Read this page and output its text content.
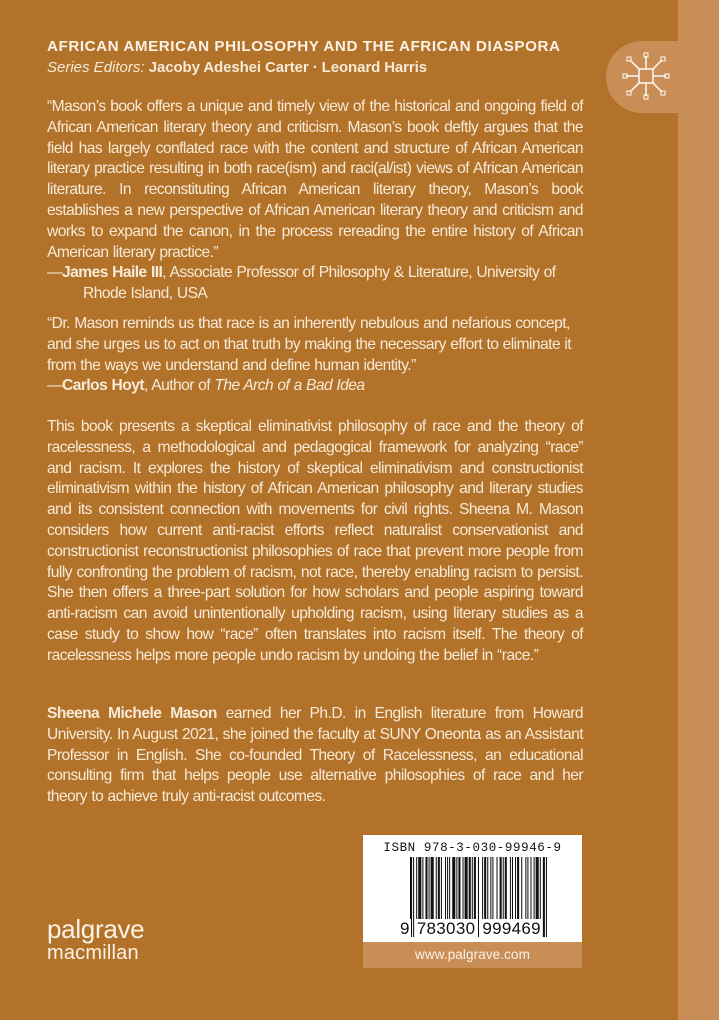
AFRICAN AMERICAN PHILOSOPHY AND THE AFRICAN DIASPORA
Series Editors: Jacoby Adeshei Carter · Leonard Harris

“Mason’s book offers a unique and timely view of the historical and ongoing field of African American literary theory and criticism. Mason’s book deftly argues that the field has largely conflated race with the content and structure of African American literary practice resulting in both race(ism) and raci(al/ist) views of African American literature. In reconstituting African American literary theory, Mason’s book establishes a new perspective of African American literary theory and criticism and works to expand the canon, in the process rereading the entire history of African American literary practice.”

—James Haile III, Associate Professor of Philosophy & Literature, University of Rhode Island, USA

“Dr. Mason reminds us that race is an inherently nebulous and nefarious concept, and she urges us to act on that truth by making the necessary effort to eliminate it from the ways we understand and define human identity.”

—Carlos Hoyt, Author of The Arch of a Bad Idea

This book presents a skeptical eliminativist philosophy of race and the theory of racelessness, a methodological and pedagogical framework for analyzing “race” and racism. It explores the history of skeptical eliminativism and constructionist eliminativism within the history of African American philosophy and literary studies and its consistent connection with movements for civil rights. Sheena M. Mason considers how current anti-racist efforts reflect naturalist conservationist and constructionist reconstructionist philosophies of race that prevent more people from fully confronting the problem of racism, not race, thereby enabling racism to persist. She then offers a three-part solution for how scholars and people aspiring toward anti-racism can avoid unintentionally upholding racism, using literary studies as a case study to show how “race” often translates into racism itself. The theory of racelessness helps more people undo racism by undoing the belief in “race.”

Sheena Michele Mason earned her Ph.D. in English literature from Howard University. In August 2021, she joined the faculty at SUNY Oneonta as an Assistant Professor in English. She co-founded Theory of Racelessness, an educational consulting firm that helps people use alternative philosophies of race and her theory to achieve truly anti-racist outcomes.

ISBN 978-3-030-99946-9
9 783030 999469
www.palgrave.com
palgrave
macmillan
